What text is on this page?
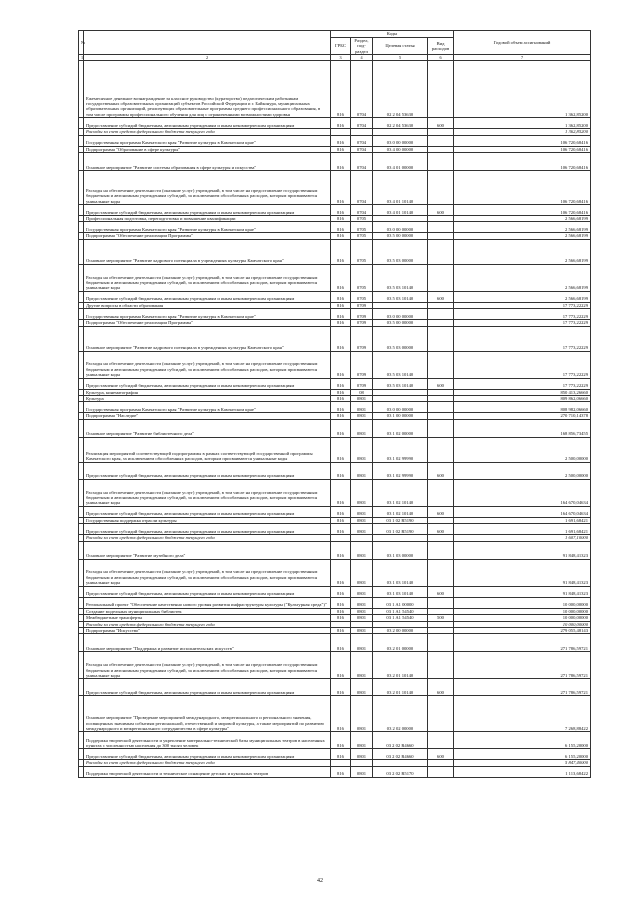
№		Коды				Годовой объем ассигнований
		ГРБС	Раздел, под-раздел	Целевая статья	Вид расходов	
1	2	3	4	5	6	7
	Ежемесячное денежное вознаграждение за классное руководство (кураторство) педагогическим работникам государственных образовательных организаций субъектов Российской Федерации и г. Байконура, муниципальных образовательных организаций, реализующих образовательные программы среднего профессионального образования, в том числе программы профессионального обучения для лиц с ограниченными возможностями здоровья	816	0704	02 2 04 53630		1 362,85200
	Предоставление субсидий бюджетным, автономным учреждениям и иным некоммерческим организациям	816	0704	02 2 04 53630	600	1 362,85200
	Расходы за счет средств федерального бюджета текущего года					1 362,85200
	Государственная программа Камчатского края "Развитие культуры в Камчатском крае"	816	0704	03 0 00 00000		106 720,68416
	Подпрограмма "Образование в сфере культуры"	816	0704	03 4 00 00000		106 720,68416
	Основное мероприятие "Развитие системы образования в сфере культуры и искусства"	816	0704	03 4 01 00000		106 720,68416
	Расходы на обеспечение деятельности (оказание услуг) учреждений, в том числе на предоставление государственным бюджетным и автономным учреждениям субсидий, за исключением обособленных расходов, которым присваиваются уникальные коды	816	0704	03 4 01 10140		106 720,68416
	Предоставление субсидий бюджетным, автономным учреждениям и иным некоммерческим организациям	816	0704	03 4 01 10140	600	106 720,68416
	Профессиональная подготовка, переподготовка и повышение квалификации	816	0705			2 566,68199
	Государственная программа Камчатского края "Развитие культуры в Камчатском крае"	816	0705	03 0 00 00000		2 566,68199
	Подпрограмма "Обеспечение реализации Программы"	816	0705	03 5 00 00000		2 566,68199
	Основное мероприятие "Развитие кадрового потенциала в учреждениях культуры Камчатского края"	816	0705	03 5 03 00000		2 566,68199
	Расходы на обеспечение деятельности (оказание услуг) учреждений, в том числе на предоставление государственным бюджетным и автономным учреждениям субсидий, за исключением обособленных расходов, которым присваиваются уникальные коды	816	0705	03 5 03 10140		2 566,68199
	Предоставление субсидий бюджетным, автономным учреждениям и иным некоммерческим организациям	816	0705	03 5 03 10140	600	2 566,68199
	Другие вопросы в области образования	816	0709			17 773,22229
	Государственная программа Камчатского края "Развитие культуры в Камчатском крае"	816	0709	03 0 00 00000		17 773,22229
	Подпрограмма "Обеспечение реализации Программы"	816	0709	03 5 00 00000		17 773,22229
	Основное мероприятие "Развитие кадрового потенциала в учреждениях культуры Камчатского края"	816	0709	03 5 03 00000		17 773,22229
	Расходы на обеспечение деятельности (оказание услуг) учреждений, в том числе на предоставление государственным бюджетным и автономным учреждениям субсидий, за исключением обособленных расходов, которым присваиваются уникальные коды	816	0709	03 5 03 10140		17 773,22229
	Предоставление субсидий бюджетным, автономным учреждениям и иным некоммерческим организациям	816	0709	03 5 03 10140	600	17 773,22229
	Культура, кинематография	816	08			850 413,26660
	Культура	816	0801			809 862,06660
	Государственная программа Камчатского края "Развитие культуры в Камчатском крае"	816	0801	03 0 00 00000		808 982,06660
	Подпрограмма "Наследие"	816	0801	03 1 00 00000		270 710,14378
	Основное мероприятие "Развитие библиотечного дела"	816	0801	03 1 02 00000		168 856,73455
	Реализация мероприятий соответствующей подпрограммы в рамках соответствующей государственной программы Камчатского края, за исключением обособленных расходов, которым присваиваются уникальные коды	816	0801	03 1 02 99990		2 500,00000
	Предоставление субсидий бюджетным, автономным учреждениям и иным некоммерческим организациям	816	0801	03 1 02 99990	600	2 500,00000
	Расходы на обеспечение деятельности (оказание услуг) учреждений, в том числе на предоставление государственным бюджетным и автономным учреждениям субсидий, за исключением обособленных расходов, которым присваиваются уникальные коды	816	0801	03 1 02 10140		164 670,04634
	Предоставление субсидий бюджетным, автономным учреждениям и иным некоммерческим организациям	816	0801	03 1 02 10140	600	164 670,04634
	Государственная поддержка отрасли культуры	816	0801	03 1 02 R5190		1 691,68421
	Предоставление субсидий бюджетным, автономным учреждениям и иным некоммерческим организациям	816	0801	03 1 02 R5190	600	1 691,68421
	Расходы за счет средств федерального бюджета текущего года					1 607,10000
	Основное мероприятие "Развитие музейного дела"	816	0801	03 1 03 00000		91 848,41323
	Расходы на обеспечение деятельности (оказание услуг) учреждений, в том числе на предоставление государственным бюджетным и автономным учреждениям субсидий, за исключением обособленных расходов, которым присваиваются уникальные коды	816	0801	03 1 03 10140		91 848,41323
	Предоставление субсидий бюджетным, автономным учреждениям и иным некоммерческим организациям	816	0801	03 1 03 10140	600	91 848,41323
	Региональный проект "Обеспечение качественно нового уровня развития инфраструктуры культуры ("Культурная среда")"	816	0801	03 1 A1 00000		10 000,00000
	Создание модельных муниципальных библиотек	816	0801	03 1 A1 54540		10 000,00000
	Межбюджетные трансферты	816	0801	03 1 A1 54540	500	10 000,00000
	Расходы за счет средств федерального бюджета текущего года					10 000,00000
	Подпрограмма "Искусство"	816	0801	03 2 00 00000		279 055,48143
	Основное мероприятие "Поддержка и развитие исполнительских искусств"	816	0801	03 2 01 00000		271 786,59721
	Расходы на обеспечение деятельности (оказание услуг) учреждений, в том числе на предоставление государственным бюджетным и автономным учреждениям субсидий, за исключением обособленных расходов, которым присваиваются уникальные коды	816	0801	03 2 01 10140		271 786,59721
	Предоставление субсидий бюджетным, автономным учреждениям и иным некоммерческим организациям	816	0801	03 2 01 10140	600	271 786,59721
	Основное мероприятие "Проведение мероприятий международного, межрегионального и регионального значения, посвященных значимым событиям региональной, отечественной и мировой культуры, а также мероприятий по развитию международного и межрегионального сотрудничества в сфере культуры"	816	0801	03 2 02 00000		7 268,88422
	Поддержка творческой деятельности и укрепление материально-технической базы муниципальных театров в населенных пунктах с численностью населения до 300 тысяч человек	816	0801	03 2 02 R4660		6 155,20000
	Предоставление субсидий бюджетным, автономным учреждениям и иным некоммерческим организациям	816	0801	03 2 02 R4660	600	6 155,20000
	Расходы за счет средств федерального бюджета текущего года					5 847,40000
	Поддержка творческой деятельности и техническое оснащение детских и кукольных театров	816	0801	03 2 02 R5170		1 113,68422
42
